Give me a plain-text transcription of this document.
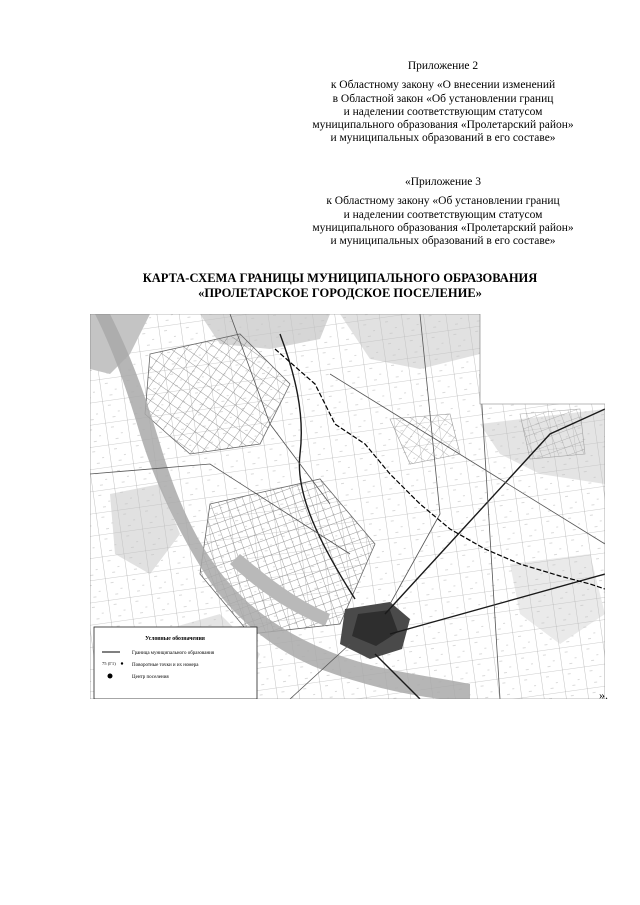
Приложение 2
к Областному закону «О внесении изменений
в Областной закон «Об установлении границ
и наделении соответствующим статусом
муниципального образования «Пролетарский район»
и муниципальных образований в его составе»
«Приложение 3
к Областному закону «Об установлении границ
и наделении соответствующим статусом
муниципального образования «Пролетарский район»
и муниципальных образований в его составе»
КАРТА-СХЕМА ГРАНИЦЫ МУНИЦИПАЛЬНОГО ОБРАЗОВАНИЯ
«ПРОЛЕТАРСКОЕ ГОРОДСКОЕ ПОСЕЛЕНИЕ»
Условные обозначения
Граница муниципального образования
75 (Г1)	Поворотные точки и их номера
Центр поселения
».
